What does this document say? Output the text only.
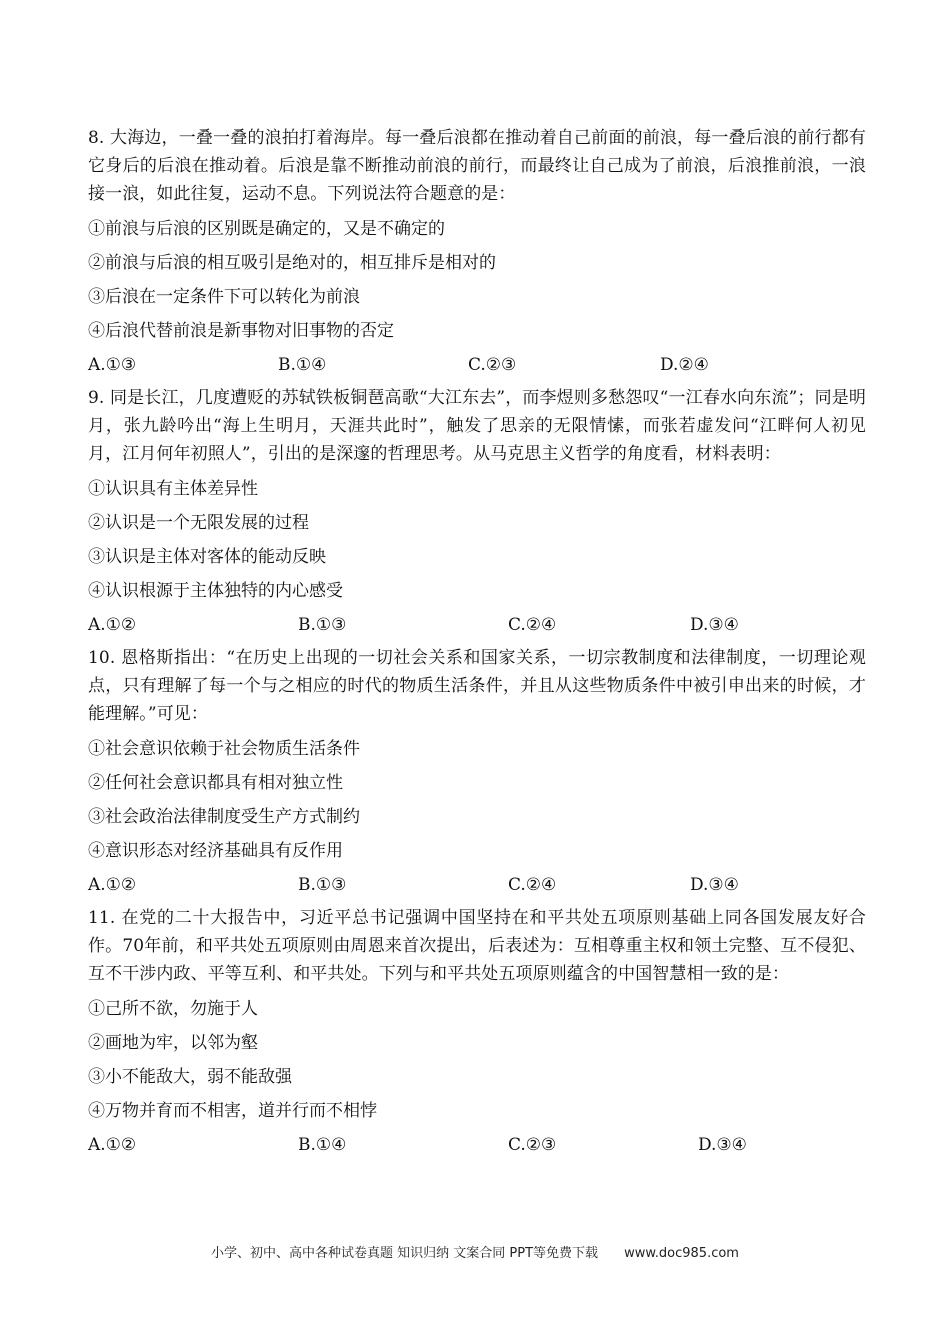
8. 大海边，一叠一叠的浪拍打着海岸。每一叠后浪都在推动着自己前面的前浪，每一叠后浪的前行都有它身后的后浪在推动着。后浪是靠不断推动前浪的前行，而最终让自己成为了前浪，后浪推前浪，一浪接一浪，如此往复，运动不息。下列说法符合题意的是：

①前浪与后浪的区别既是确定的，又是不确定的

②前浪与后浪的相互吸引是绝对的，相互排斥是相对的

③后浪在一定条件下可以转化为前浪

④后浪代替前浪是新事物对旧事物的否定

A.①③	B.①④	C.②③	D.②④

9. 同是长江，几度遭贬的苏轼铁板铜琶高歌“大江东去”，而李煜则多愁怨叹“一江春水向东流”；同是明月，张九龄吟出“海上生明月，天涯共此时”，触发了思亲的无限情愫，而张若虚发问“江畔何人初见月，江月何年初照人”，引出的是深邃的哲理思考。从马克思主义哲学的角度看，材料表明：

①认识具有主体差异性

②认识是一个无限发展的过程

③认识是主体对客体的能动反映

④认识根源于主体独特的内心感受

A.①②	B.①③	C.②④	D.③④

10. 恩格斯指出：“在历史上出现的一切社会关系和国家关系，一切宗教制度和法律制度，一切理论观点，只有理解了每一个与之相应的时代的物质生活条件，并且从这些物质条件中被引申出来的时候，才能理解。”可见：

①社会意识依赖于社会物质生活条件

②任何社会意识都具有相对独立性

③社会政治法律制度受生产方式制约

④意识形态对经济基础具有反作用

A.①②	B.①③	C.②④	D.③④

11. 在党的二十大报告中，习近平总书记强调中国坚持在和平共处五项原则基础上同各国发展友好合作。70年前，和平共处五项原则由周恩来首次提出，后表述为：互相尊重主权和领土完整、互不侵犯、互不干涉内政、平等互利、和平共处。下列与和平共处五项原则蕴含的中国智慧相一致的是：

①己所不欲，勿施于人

②画地为牢，以邻为壑

③小不能敌大，弱不能敌强

④万物并育而不相害，道并行而不相悖

A.①②	B.①④	C.②③	D.③④
小学、初中、高中各种试卷真题 知识归纳 文案合同 PPT等免费下载 www.doc985.com
